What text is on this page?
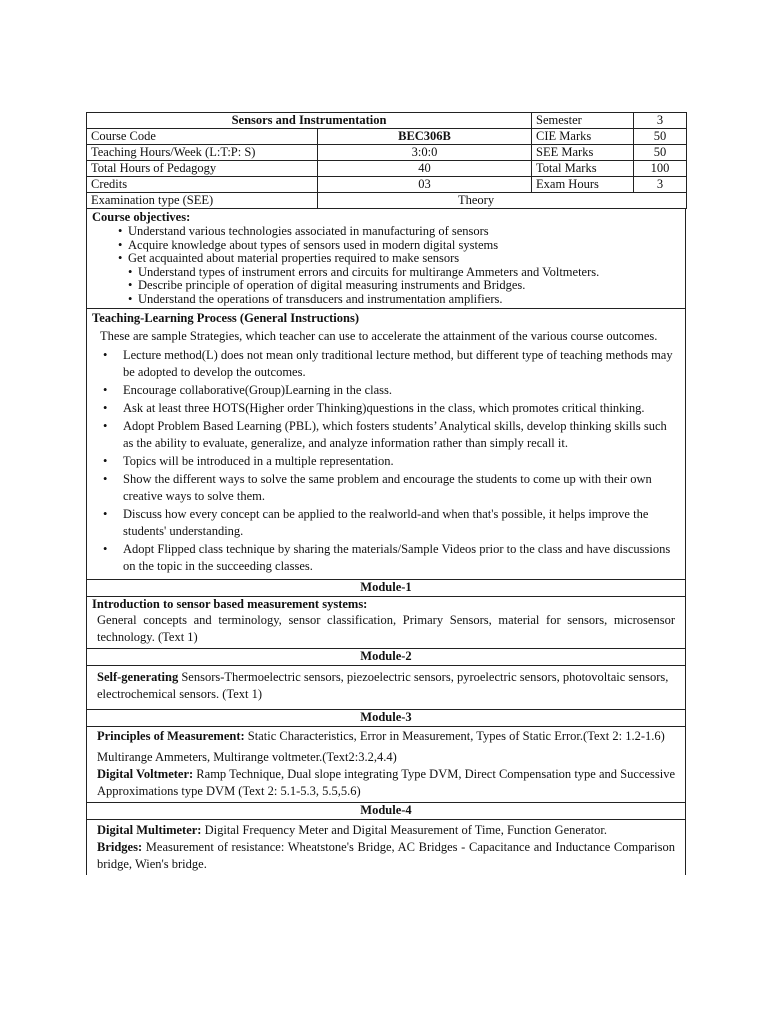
Sensors and Instrumentation		Semester	3
Course Code	BEC306B	CIE Marks	50
Teaching Hours/Week (L:T:P: S)	3:0:0	SEE Marks	50
Total Hours of Pedagogy	40	Total Marks	100
Credits	03	Exam Hours	3
Examination type (SEE)	Theory		
Course objectives:
• Understand various technologies associated in manufacturing of sensors
• Acquire knowledge about types of sensors used in modern digital systems
• Get acquainted about material properties required to make sensors
• Understand types of instrument errors and circuits for multirange Ammeters and Voltmeters.
• Describe principle of operation of digital measuring instruments and Bridges.
• Understand the operations of transducers and instrumentation amplifiers.
Teaching-Learning Process (General Instructions)
These are sample Strategies, which teacher can use to accelerate the attainment of the various course outcomes.
• Lecture method(L) does not mean only traditional lecture method, but different type of teaching methods may be adopted to develop the outcomes.
• Encourage collaborative(Group)Learning in the class.
• Ask at least three HOTS(Higher order Thinking)questions in the class, which promotes critical thinking.
• Adopt Problem Based Learning (PBL), which fosters students’ Analytical skills, develop thinking skills such as the ability to evaluate, generalize, and analyze information rather than simply recall it.
• Topics will be introduced in a multiple representation.
• Show the different ways to solve the same problem and encourage the students to come up with their own creative ways to solve them.
• Discuss how every concept can be applied to the realworld-and when that's possible, it helps improve the students' understanding.
• Adopt Flipped class technique by sharing the materials/Sample Videos prior to the class and have discussions on the topic in the succeeding classes.
Module-1
Introduction to sensor based measurement systems:
General concepts and terminology, sensor classification, Primary Sensors, material for sensors, microsensor technology. (Text 1)
Module-2
Self-generating Sensors-Thermoelectric sensors, piezoelectric sensors, pyroelectric sensors, photovoltaic sensors, electrochemical sensors. (Text 1)
Module-3

Principles of Measurement: Static Characteristics, Error in Measurement, Types of Static Error.(Text 2: 1.2-1.6)

Multirange Ammeters, Multirange voltmeter.(Text2:3.2,4.4)

Digital Voltmeter: Ramp Technique, Dual slope integrating Type DVM, Direct Compensation type and Successive Approximations type DVM (Text 2: 5.1-5.3, 5.5,5.6)

Module-4

Digital Multimeter: Digital Frequency Meter and Digital Measurement of Time, Function Generator.

Bridges: Measurement of resistance: Wheatstone's Bridge, AC Bridges - Capacitance and Inductance Comparison bridge, Wien's bridge.
